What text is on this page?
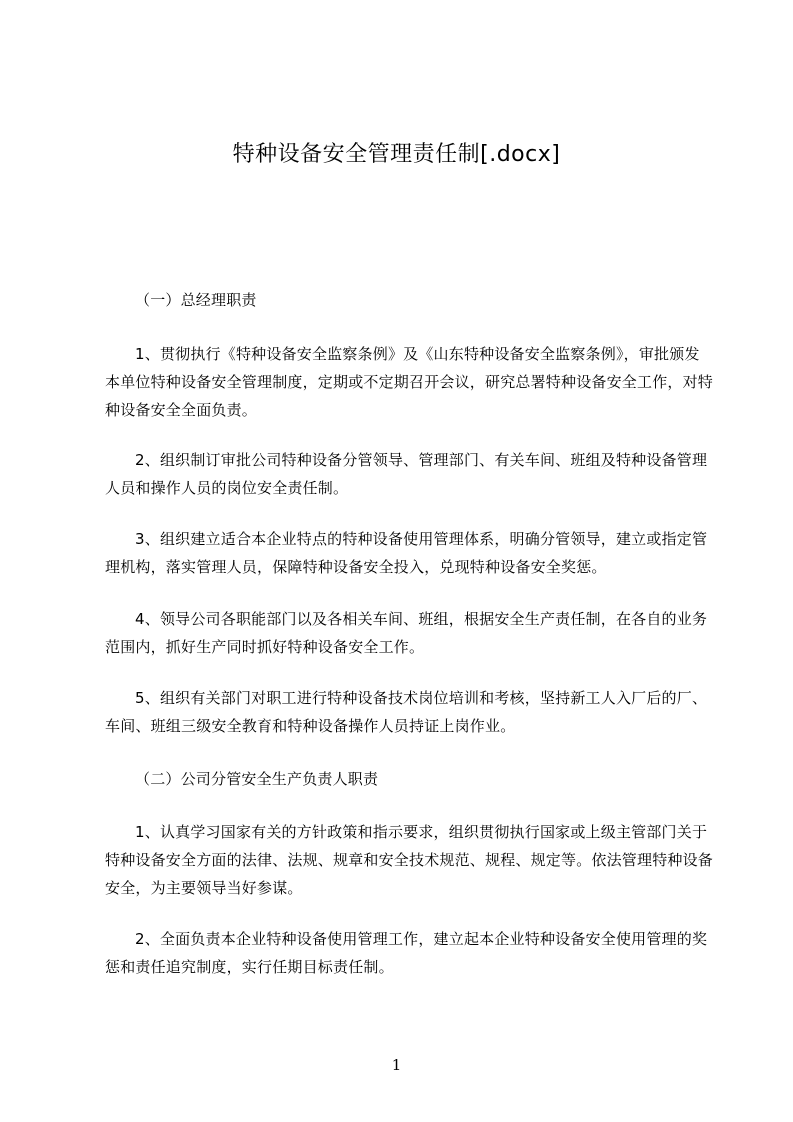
特种设备安全管理责任制[.docx]

（一）总经理职责

1、贯彻执行《特种设备安全监察条例》及《山东特种设备安全监察条例》，审批颁发本单位特种设备安全管理制度，定期或不定期召开会议，研究总署特种设备安全工作，对特种设备安全全面负责。

2、组织制订审批公司特种设备分管领导、管理部门、有关车间、班组及特种设备管理人员和操作人员的岗位安全责任制。

3、组织建立适合本企业特点的特种设备使用管理体系，明确分管领导，建立或指定管理机构，落实管理人员，保障特种设备安全投入，兑现特种设备安全奖惩。

4、领导公司各职能部门以及各相关车间、班组，根据安全生产责任制，在各自的业务范围内，抓好生产同时抓好特种设备安全工作。

5、组织有关部门对职工进行特种设备技术岗位培训和考核，坚持新工人入厂后的厂、车间、班组三级安全教育和特种设备操作人员持证上岗作业。

（二）公司分管安全生产负责人职责

1、认真学习国家有关的方针政策和指示要求，组织贯彻执行国家或上级主管部门关于特种设备安全方面的法律、法规、规章和安全技术规范、规程、规定等。依法管理特种设备安全，为主要领导当好参谋。

2、全面负责本企业特种设备使用管理工作，建立起本企业特种设备安全使用管理的奖惩和责任追究制度，实行任期目标责任制。

1
